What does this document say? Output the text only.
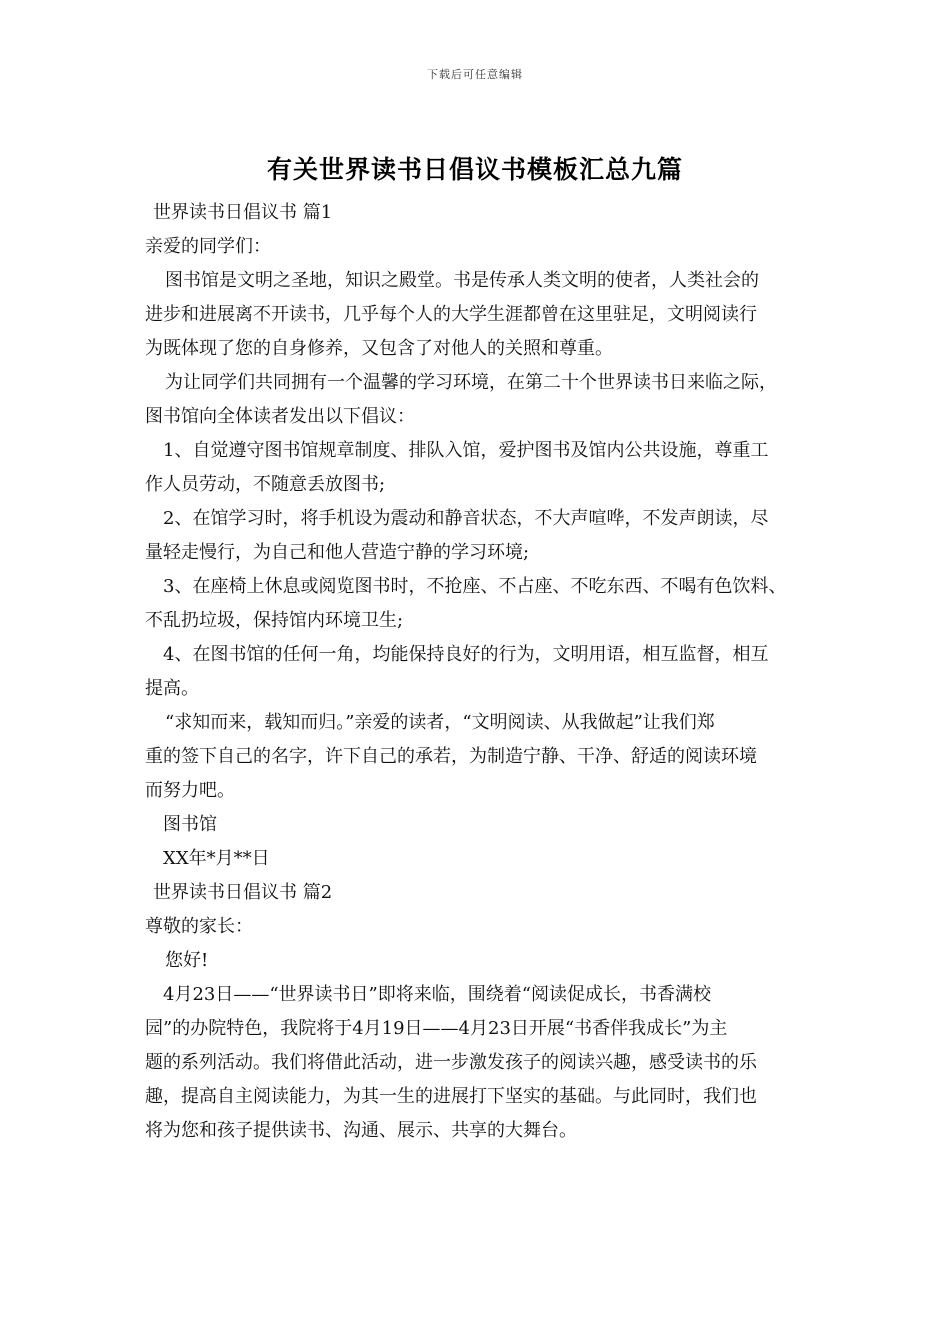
下载后可任意编辑
有关世界读书日倡议书模板汇总九篇

世界读书日倡议书 篇1

亲爱的同学们：

图书馆是文明之圣地，知识之殿堂。书是传承人类文明的使者，人类社会的

进步和进展离不开读书，几乎每个人的大学生涯都曾在这里驻足，文明阅读行

为既体现了您的自身修养，又包含了对他人的关照和尊重。

为让同学们共同拥有一个温馨的学习环境，在第二十个世界读书日来临之际，

图书馆向全体读者发出以下倡议：

1、自觉遵守图书馆规章制度、排队入馆，爱护图书及馆内公共设施，尊重工

作人员劳动，不随意丢放图书;

2、在馆学习时，将手机设为震动和静音状态，不大声喧哗，不发声朗读，尽

量轻走慢行，为自己和他人营造宁静的学习环境;

3、在座椅上休息或阅览图书时，不抢座、不占座、不吃东西、不喝有色饮料、

不乱扔垃圾，保持馆内环境卫生;

4、在图书馆的任何一角，均能保持良好的行为，文明用语，相互监督，相互

提高。

“求知而来，载知而归。”亲爱的读者，“文明阅读、从我做起”让我们郑

重的签下自己的名字，许下自己的承若，为制造宁静、干净、舒适的阅读环境

而努力吧。

图书馆

XX年*月**日

世界读书日倡议书 篇2

尊敬的家长：

您好!

4月23日——“世界读书日”即将来临，围绕着“阅读促成长，书香满校

园”的办院特色，我院将于4月19日——4月23日开展“书香伴我成长”为主

题的系列活动。我们将借此活动，进一步激发孩子的阅读兴趣，感受读书的乐

趣，提高自主阅读能力，为其一生的进展打下坚实的基础。与此同时，我们也

将为您和孩子提供读书、沟通、展示、共享的大舞台。
